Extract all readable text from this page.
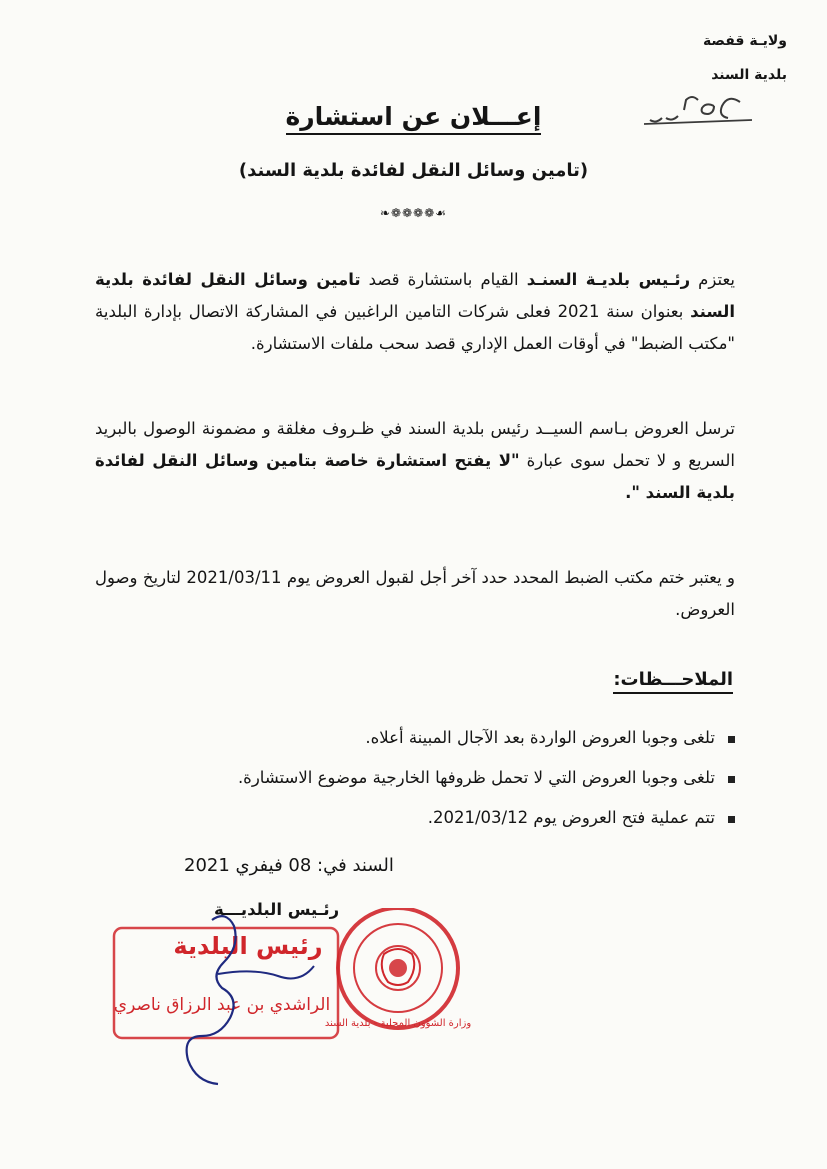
ولايـة قفصة
بلدية السند
إعـــلان عن استشارة
(تامين وسائل النقل لفائدة بلدية السند)
❧❁❁❁❁☙
يعتزم رئـيس بلديـة السنـد القيام باستشارة قصد تامين وسائل النقل لفائدة بلدية السند بعنوان سنة 2021 فعلى شركات التامين الراغبين في المشاركة الاتصال بإدارة البلدية "مكتب الضبط" في أوقات العمل الإداري قصد سحب ملفات الاستشارة.
ترسل العروض بـاسم السيــد رئيس بلدية السند في ظـروف مغلقة و مضمونة الوصول بالبريد السريع و لا تحمل سوى عبارة "لا يفتح استشارة خاصة بتامين وسائل النقل لفائدة بلدية السند ".
و يعتبر ختم مكتب الضبط المحدد حدد آخر أجل لقبول العروض يوم 2021/03/11 لتاريخ وصول العروض.
الملاحـــظات:
تلغى وجوبا العروض الواردة بعد الآجال المبينة أعلاه.
تلغى وجوبا العروض التي لا تحمل ظروفها الخارجية موضوع الاستشارة.
تتم عملية فتح العروض يوم 2021/03/12.
السند في: 08 فيفري 2021
رئـيس البلديـــة
رئيس البلدية
الراشدي بن عبد الرزاق ناصري
وزارة الشؤون المحلية - بلدية السند
